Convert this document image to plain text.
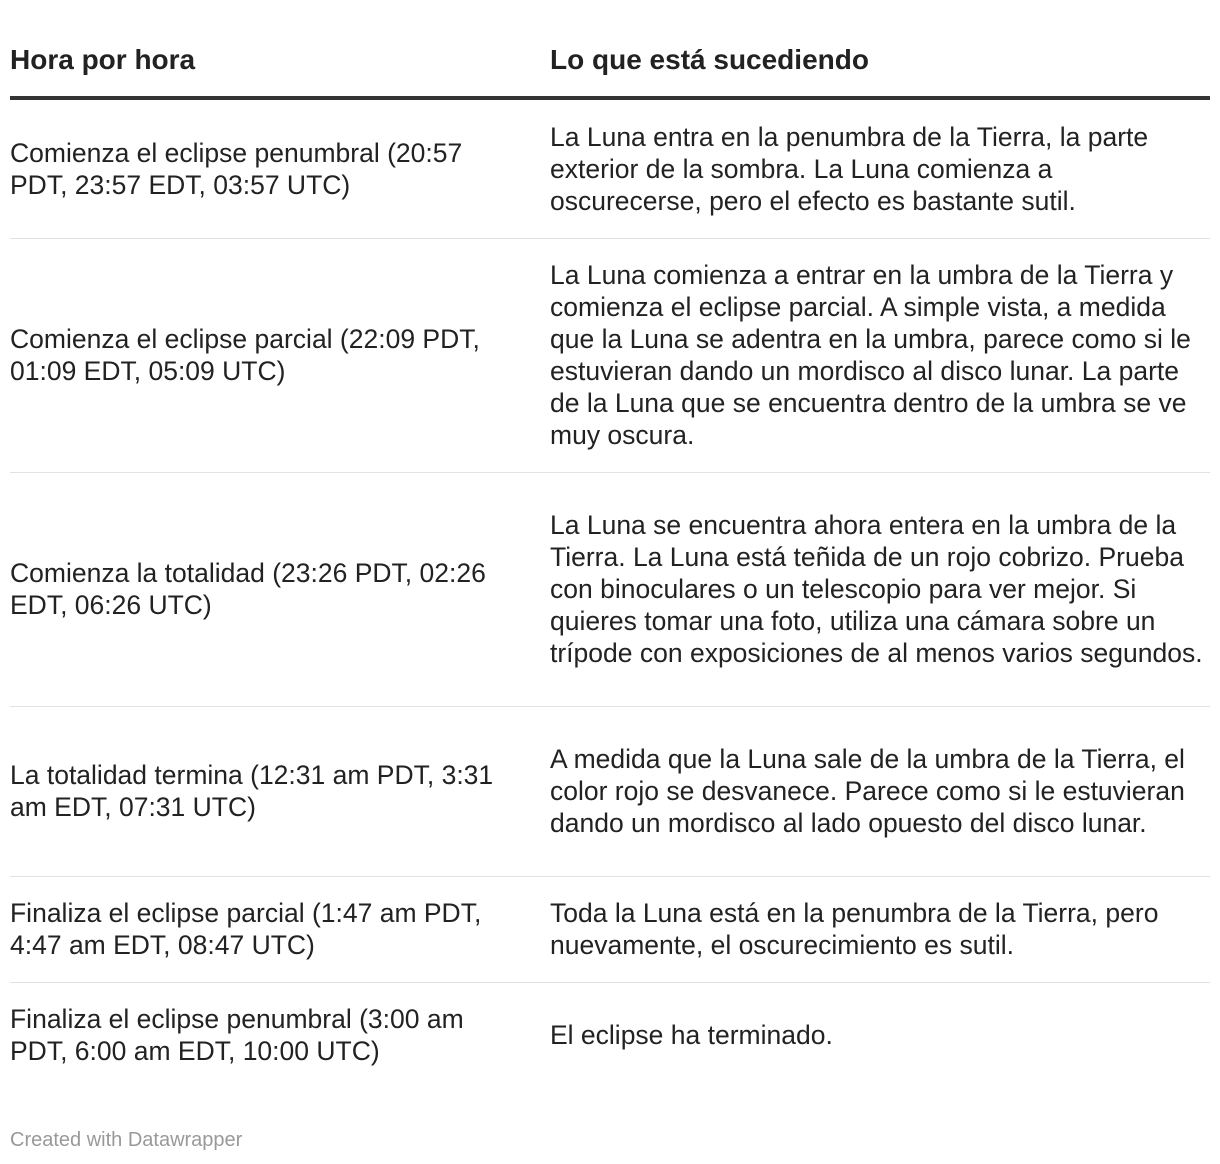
Hora por hora	Lo que está sucediendo
Comienza el eclipse penumbral (20:57 PDT, 23:57 EDT, 03:57 UTC)	La Luna entra en la penumbra de la Tierra, la parte exterior de la sombra. La Luna comienza a oscurecerse, pero el efecto es bastante sutil.
Comienza el eclipse parcial (22:09 PDT, 01:09 EDT, 05:09 UTC)	La Luna comienza a entrar en la umbra de la Tierra y comienza el eclipse parcial. A simple vista, a medida que la Luna se adentra en la umbra, parece como si le estuvieran dando un mordisco al disco lunar. La parte de la Luna que se encuentra dentro de la umbra se ve muy oscura.
Comienza la totalidad (23:26 PDT, 02:26 EDT, 06:26 UTC)	La Luna se encuentra ahora entera en la umbra de la Tierra. La Luna está teñida de un rojo cobrizo. Prueba con binoculares o un telescopio para ver mejor. Si quieres tomar una foto, utiliza una cámara sobre un trípode con exposiciones de al menos varios segundos.
La totalidad termina (12:31 am PDT, 3:31 am EDT, 07:31 UTC)	A medida que la Luna sale de la umbra de la Tierra, el color rojo se desvanece. Parece como si le estuvieran dando un mordisco al lado opuesto del disco lunar.
Finaliza el eclipse parcial (1:47 am PDT, 4:47 am EDT, 08:47 UTC)	Toda la Luna está en la penumbra de la Tierra, pero nuevamente, el oscurecimiento es sutil.
Finaliza el eclipse penumbral (3:00 am PDT, 6:00 am EDT, 10:00 UTC)	El eclipse ha terminado.
Created with Datawrapper
